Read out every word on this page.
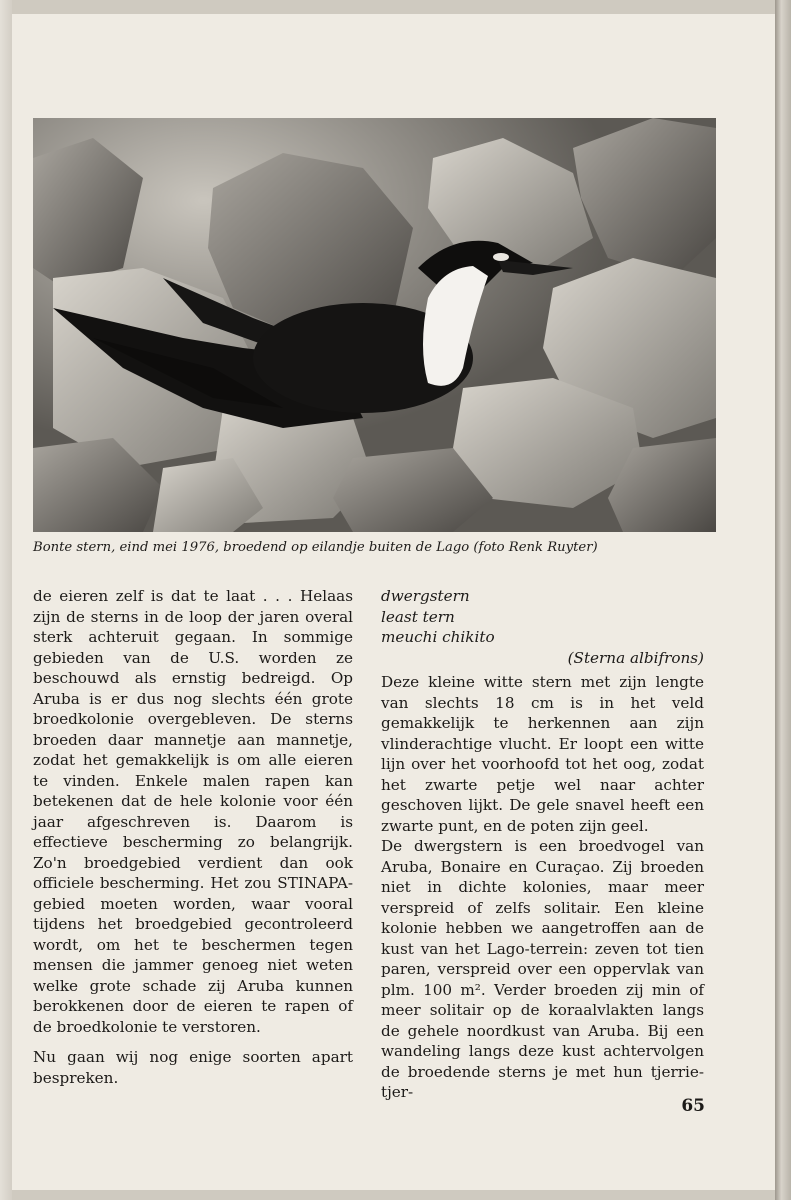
Bonte stern, eind mei 1976, broedend op eilandje buiten de Lago (foto Renk Ruyter)

de eieren zelf is dat te laat . . . Helaas zijn de sterns in de loop der jaren overal sterk achteruit gegaan. In sommige gebieden van de U.S. worden ze beschouwd als ernstig bedreigd. Op Aruba is er dus nog slechts één grote broedkolonie overgebleven. De sterns broeden daar mannetje aan mannetje, zodat het gemakkelijk is om alle eieren te vinden. Enkele malen rapen kan betekenen dat de hele kolonie voor één jaar afgeschreven is. Daarom is effectieve bescherming zo belangrijk. Zo'n broedgebied verdient dan ook officiele bescherming. Het zou STINAPA-gebied moeten worden, waar vooral tijdens het broedgebied gecontroleerd wordt, om het te beschermen tegen mensen die jammer genoeg niet weten welke grote schade zij Aruba kunnen berokkenen door de eieren te rapen of de broedkolonie te verstoren.

Nu gaan wij nog enige soorten apart bespreken.

dwergstern
least tern
meuchi chikito
(Sterna albifrons)

Deze kleine witte stern met zijn lengte van slechts 18 cm is in het veld gemakkelijk te herkennen aan zijn vlinderachtige vlucht. Er loopt een witte lijn over het voorhoofd tot het oog, zodat het zwarte petje wel naar achter geschoven lijkt. De gele snavel heeft een zwarte punt, en de poten zijn geel.

De dwergstern is een broedvogel van Aruba, Bonaire en Curaçao. Zij broeden niet in dichte kolonies, maar meer verspreid of zelfs solitair. Een kleine kolonie hebben we aangetroffen aan de kust van het Lago-terrein: zeven tot tien paren, verspreid over een oppervlak van plm. 100 m². Verder broeden zij min of meer solitair op de koraalvlakten langs de gehele noordkust van Aruba. Bij een wandeling langs deze kust achtervolgen de broedende sterns je met hun tjerrie-tjer-

65
